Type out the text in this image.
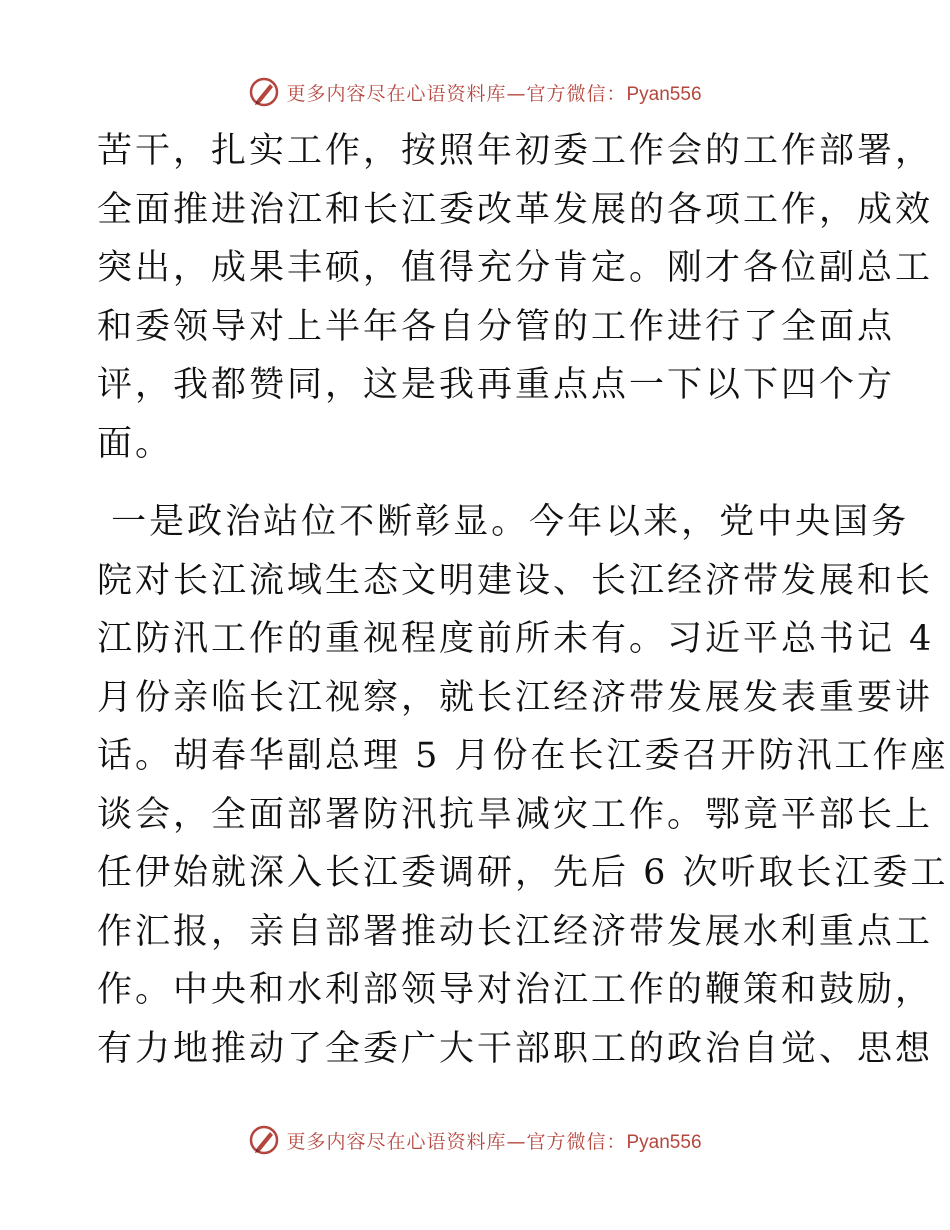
更多内容尽在心语资料库—官方微信：Pyan556
苦干，扎实工作，按照年初委工作会的工作部署，
全面推进治江和长江委改革发展的各项工作，成效
突出，成果丰硕，值得充分肯定。刚才各位副总工
和委领导对上半年各自分管的工作进行了全面点
评，我都赞同，这是我再重点点一下以下四个方
面。
一是政治站位不断彰显。今年以来，党中央国务
院对长江流域生态文明建设、长江经济带发展和长
江防汛工作的重视程度前所未有。习近平总书记 4
月份亲临长江视察，就长江经济带发展发表重要讲
话。胡春华副总理 5 月份在长江委召开防汛工作座
谈会，全面部署防汛抗旱减灾工作。鄂竟平部长上
任伊始就深入长江委调研，先后 6 次听取长江委工
作汇报，亲自部署推动长江经济带发展水利重点工
作。中央和水利部领导对治江工作的鞭策和鼓励，
有力地推动了全委广大干部职工的政治自觉、思想
更多内容尽在心语资料库—官方微信：Pyan556
